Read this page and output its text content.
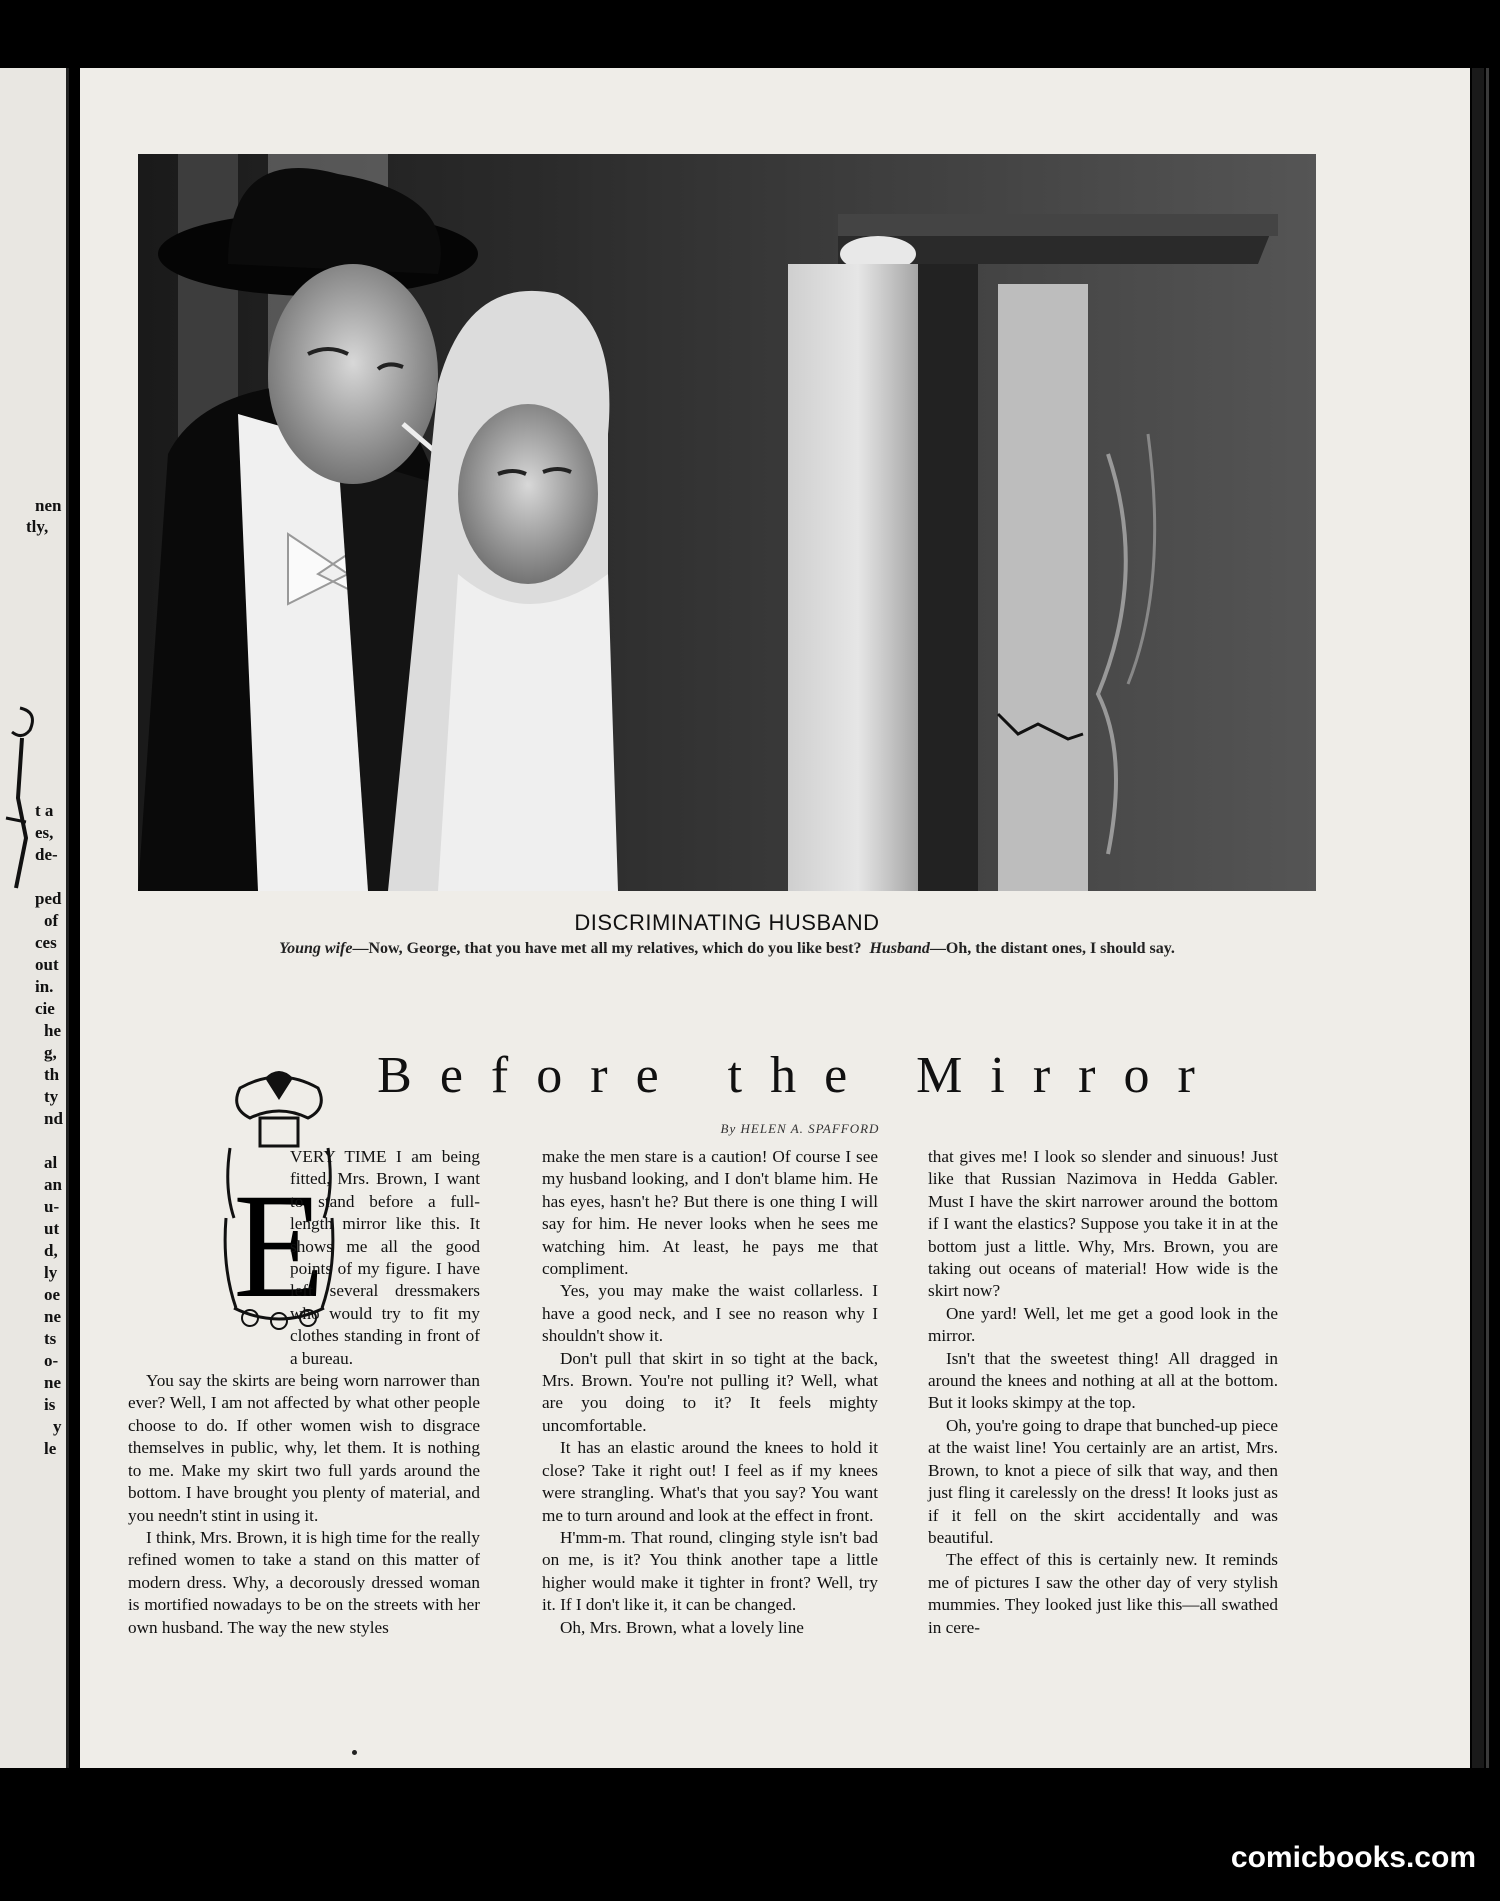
nen
tly,
t a
es,
de-
ped
of
ces
out
in.
cie
he
g,
th
ty
nd
al
an
u-
ut
d,
ly
oe
ne
ts
o-
ne
is
y
le
DISCRIMINATING HUSBAND
Young wife—Now, George, that you have met all my relatives, which do you like best? Husband—Oh, the distant ones, I should say.
Before the Mirror
By HELEN A. SPAFFORD
E

VERY TIME I am being fitted, Mrs. Brown, I want to stand before a full-length mirror like this. It shows me all the good points of my figure. I have left several dressmakers who would try to fit my clothes standing in front of a bureau.

You say the skirts are being worn narrower than ever? Well, I am not affected by what other people choose to do. If other women wish to disgrace themselves in public, why, let them. It is nothing to me. Make my skirt two full yards around the bottom. I have brought you plenty of material, and you needn't stint in using it.

I think, Mrs. Brown, it is high time for the really refined women to take a stand on this matter of modern dress. Why, a decorously dressed woman is mortified nowadays to be on the streets with her own husband. The way the new styles

make the men stare is a caution! Of course I see my husband looking, and I don't blame him. He has eyes, hasn't he? But there is one thing I will say for him. He never looks when he sees me watching him. At least, he pays me that compliment.

Yes, you may make the waist collarless. I have a good neck, and I see no reason why I shouldn't show it.

Don't pull that skirt in so tight at the back, Mrs. Brown. You're not pulling it? Well, what are you doing to it? It feels mighty uncomfortable.

It has an elastic around the knees to hold it close? Take it right out! I feel as if my knees were strangling. What's that you say? You want me to turn around and look at the effect in front.

H'mm-m. That round, clinging style isn't bad on me, is it? You think another tape a little higher would make it tighter in front? Well, try it. If I don't like it, it can be changed.

Oh, Mrs. Brown, what a lovely line

that gives me! I look so slender and sinuous! Just like that Russian Nazimova in Hedda Gabler. Must I have the skirt narrower around the bottom if I want the elastics? Suppose you take it in at the bottom just a little. Why, Mrs. Brown, you are taking out oceans of material! How wide is the skirt now?

One yard! Well, let me get a good look in the mirror.

Isn't that the sweetest thing! All dragged in around the knees and nothing at all at the bottom. But it looks skimpy at the top.

Oh, you're going to drape that bunched-up piece at the waist line! You certainly are an artist, Mrs. Brown, to knot a piece of silk that way, and then just fling it carelessly on the dress! It looks just as if it fell on the skirt accidentally and was beautiful.

The effect of this is certainly new. It reminds me of pictures I saw the other day of very stylish mummies. They looked just like this—all swathed in cere-

comicbooks.com
